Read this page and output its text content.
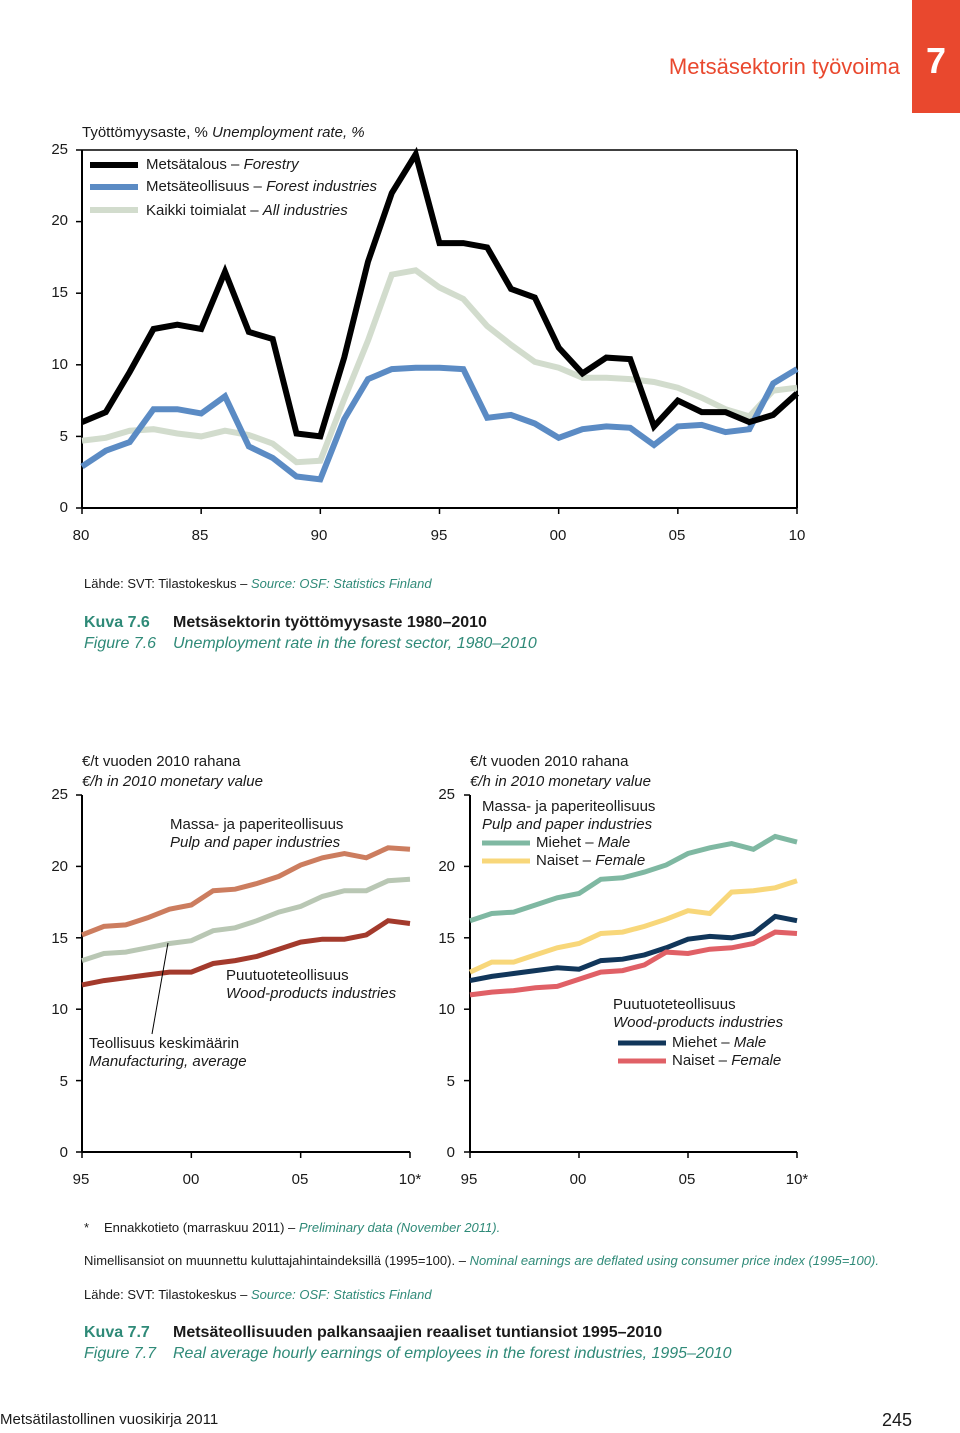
Metsäsektorin työvoima 7
Työttömyysaste, % Unemployment rate, %
25
20
15
10
5
0
80	85	90	95	00	05	10
Metsätalous – Forestry
Metsäteollisuus – Forest industries
Kaikki toimialat – All industries
Lähde: SVT: Tilastokeskus – Source: OSF: Statistics Finland
Kuva 7.6 Metsäsektorin työttömyysaste 1980–2010
Figure 7.6 Unemployment rate in the forest sector, 1980–2010
€/t vuoden 2010 rahana
€/h in 2010 monetary value
€/t vuoden 2010 rahana
€/h in 2010 monetary value
25
20
15
10
5
0
25
20
15
10
5
0
95	00	05	10*	95	00	05	10*
Massa- ja paperiteollisuus
Pulp and paper industries
Puutuoteteollisuus
Wood-products industries
Teollisuus keskimäärin
Manufacturing, average
Massa- ja paperiteollisuus
Pulp and paper industries
Miehet – Male
Naiset – Female
Puutuoteteollisuus
Wood-products industries
Miehet – Male
Naiset – Female
* Ennakkotieto (marraskuu 2011) – Preliminary data (November 2011).
Nimellisansiot on muunnettu kuluttajahintaindeksillä (1995=100). – Nominal earnings are deflated using consumer price index (1995=100).
Lähde: SVT: Tilastokeskus – Source: OSF: Statistics Finland
Kuva 7.7 Metsäteollisuuden palkansaajien reaaliset tuntiansiot 1995–2010
Figure 7.7 Real average hourly earnings of employees in the forest industries, 1995–2010
Metsätilastollinen vuosikirja 2011	245
